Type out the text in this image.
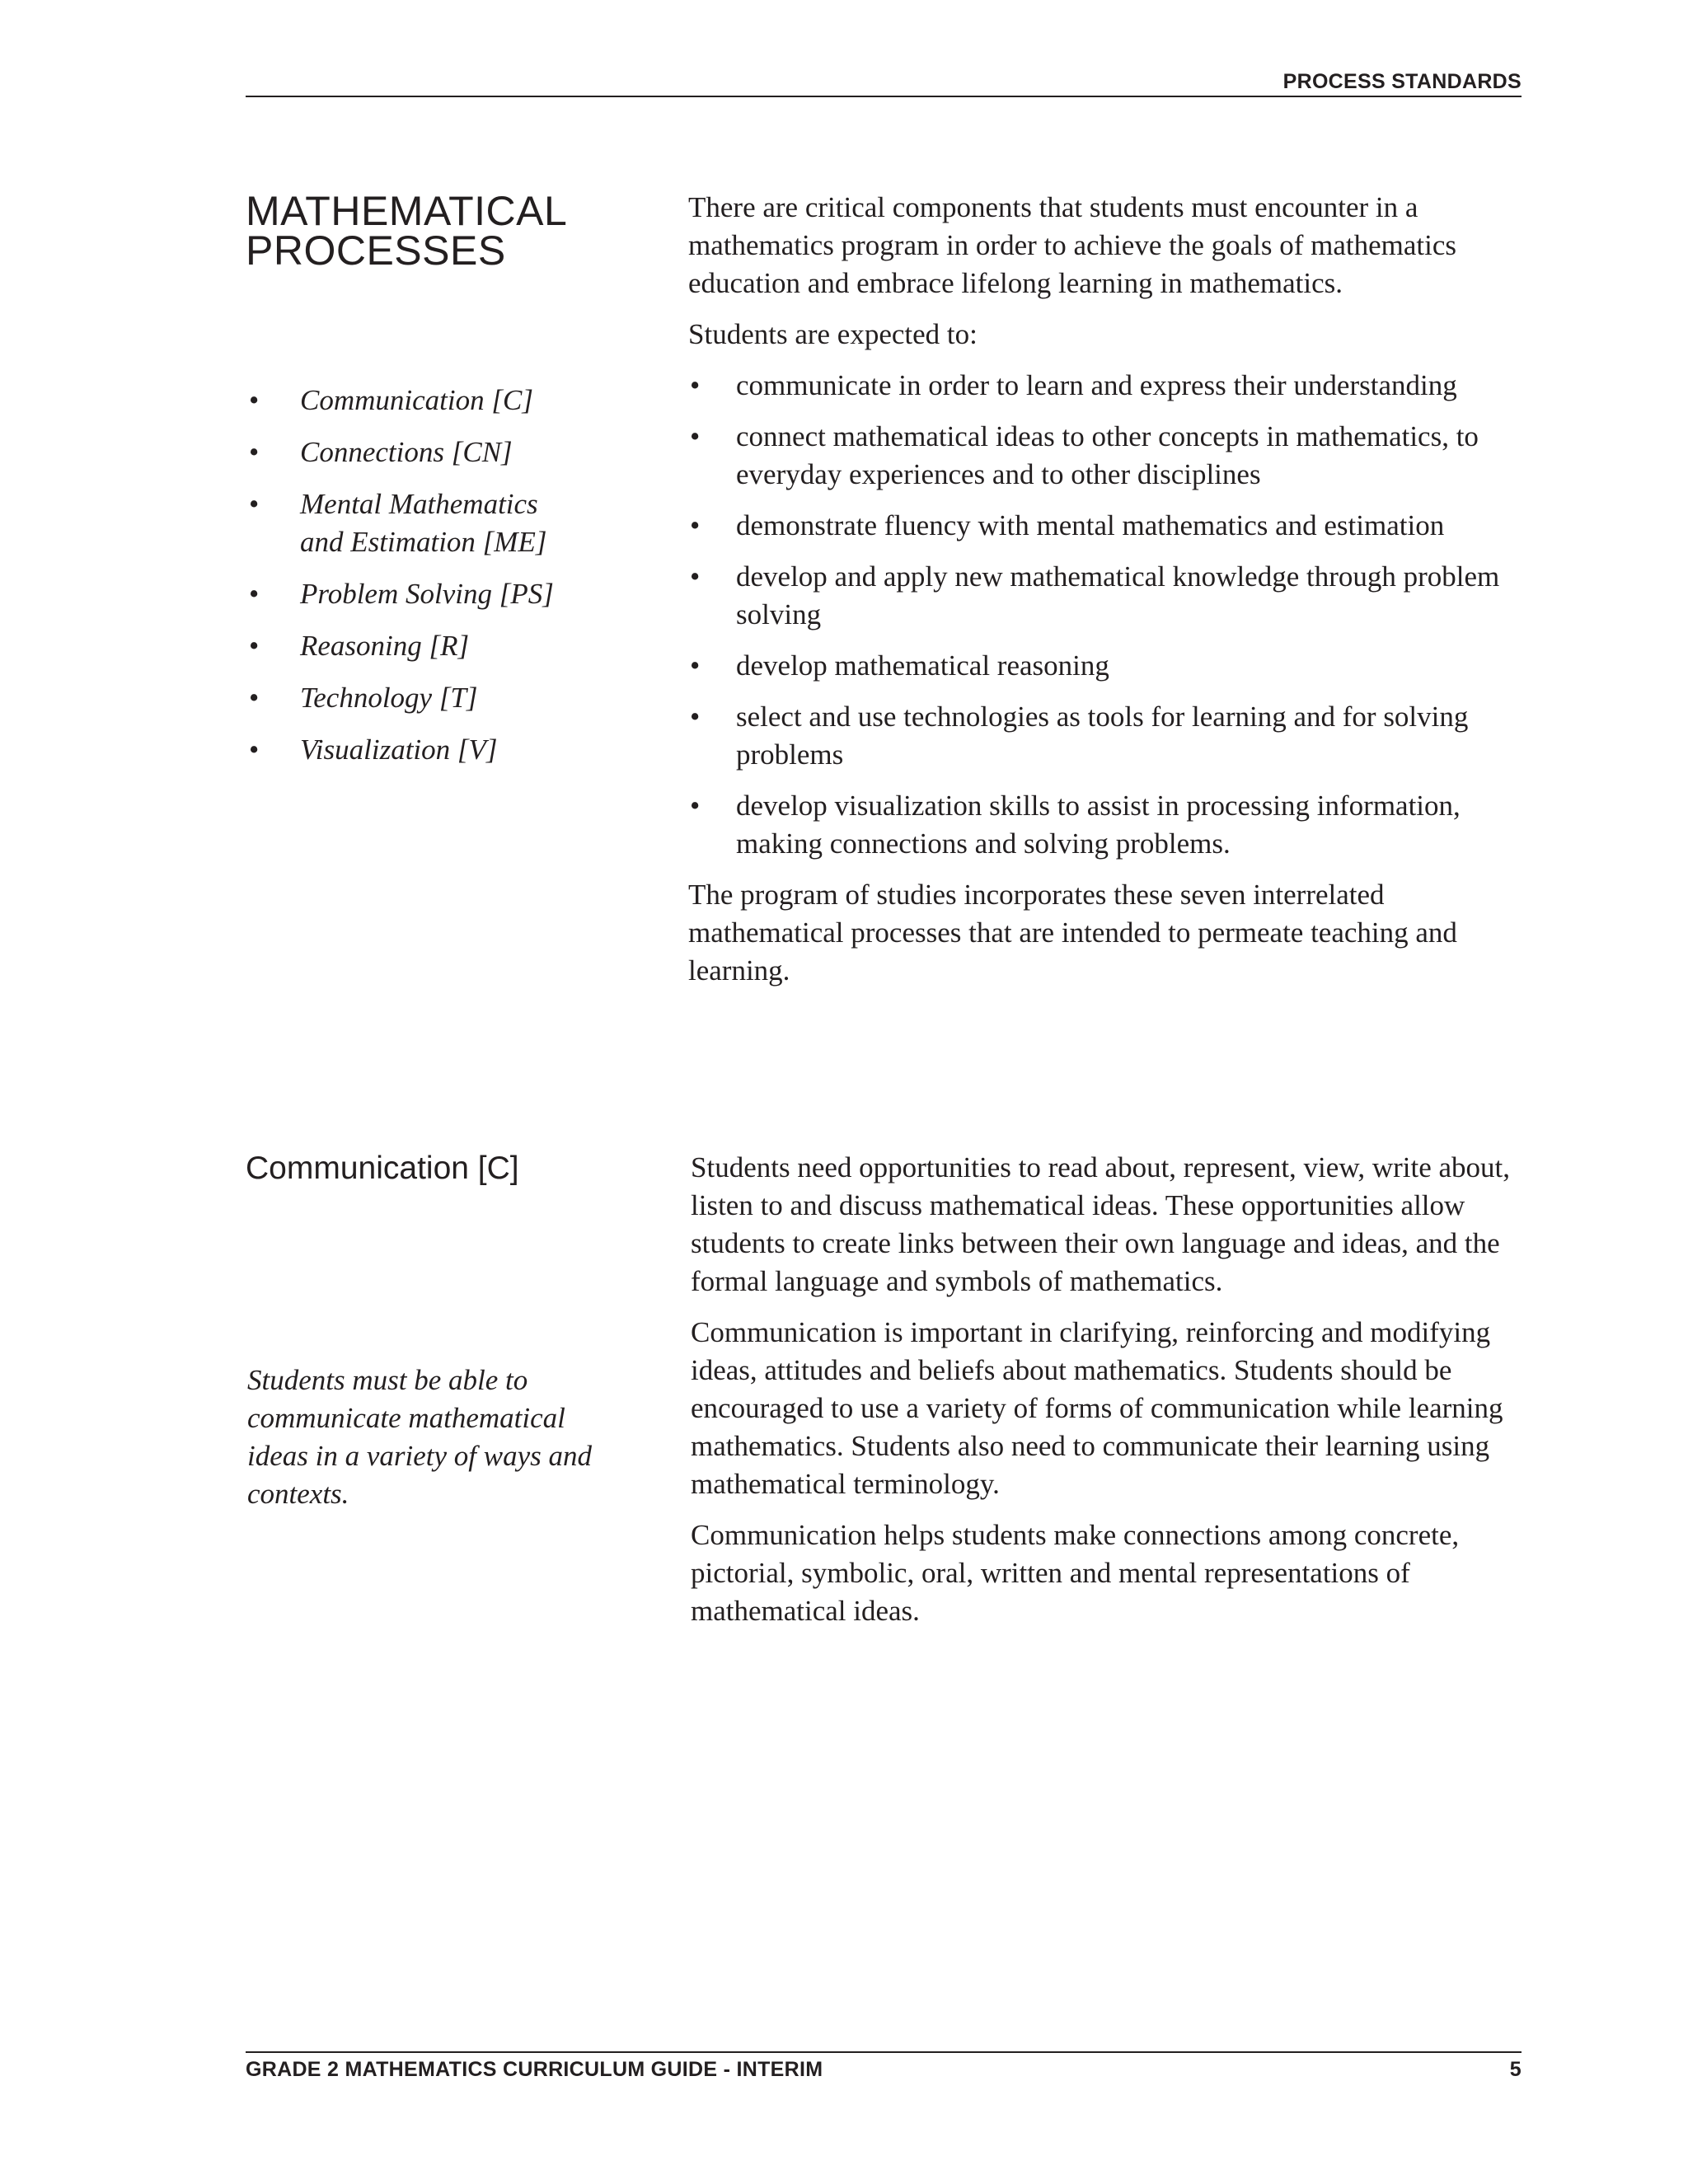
PROCESS STANDARDS
MATHEMATICAL
PROCESSES
• Communication [C]
• Connections [CN]
• Mental Mathematics and Estimation [ME]
• Problem Solving [PS]
• Reasoning [R]
• Technology [T]
• Visualization [V]

There are critical components that students must encounter in a mathematics program in order to achieve the goals of mathematics education and embrace lifelong learning in mathematics.

Students are expected to:

• communicate in order to learn and express their understanding
• connect mathematical ideas to other concepts in mathematics, to everyday experiences and to other disciplines
• demonstrate fluency with mental mathematics and estimation
• develop and apply new mathematical knowledge through problem solving
• develop mathematical reasoning
• select and use technologies as tools for learning and for solving problems
• develop visualization skills to assist in processing information, making connections and solving problems.

The program of studies incorporates these seven interrelated mathematical processes that are intended to permeate teaching and learning.

Communication [C]

Students must be able to communicate mathematical ideas in a variety of ways and contexts.

Students need opportunities to read about, represent, view, write about, listen to and discuss mathematical ideas. These opportunities allow students to create links between their own language and ideas, and the formal language and symbols of mathematics.

Communication is important in clarifying, reinforcing and modifying ideas, attitudes and beliefs about mathematics. Students should be encouraged to use a variety of forms of communication while learning mathematics. Students also need to communicate their learning using mathematical terminology.

Communication helps students make connections among concrete, pictorial, symbolic, oral, written and mental representations of mathematical ideas.

GRADE 2 MATHEMATICS CURRICULUM GUIDE - INTERIM	5
